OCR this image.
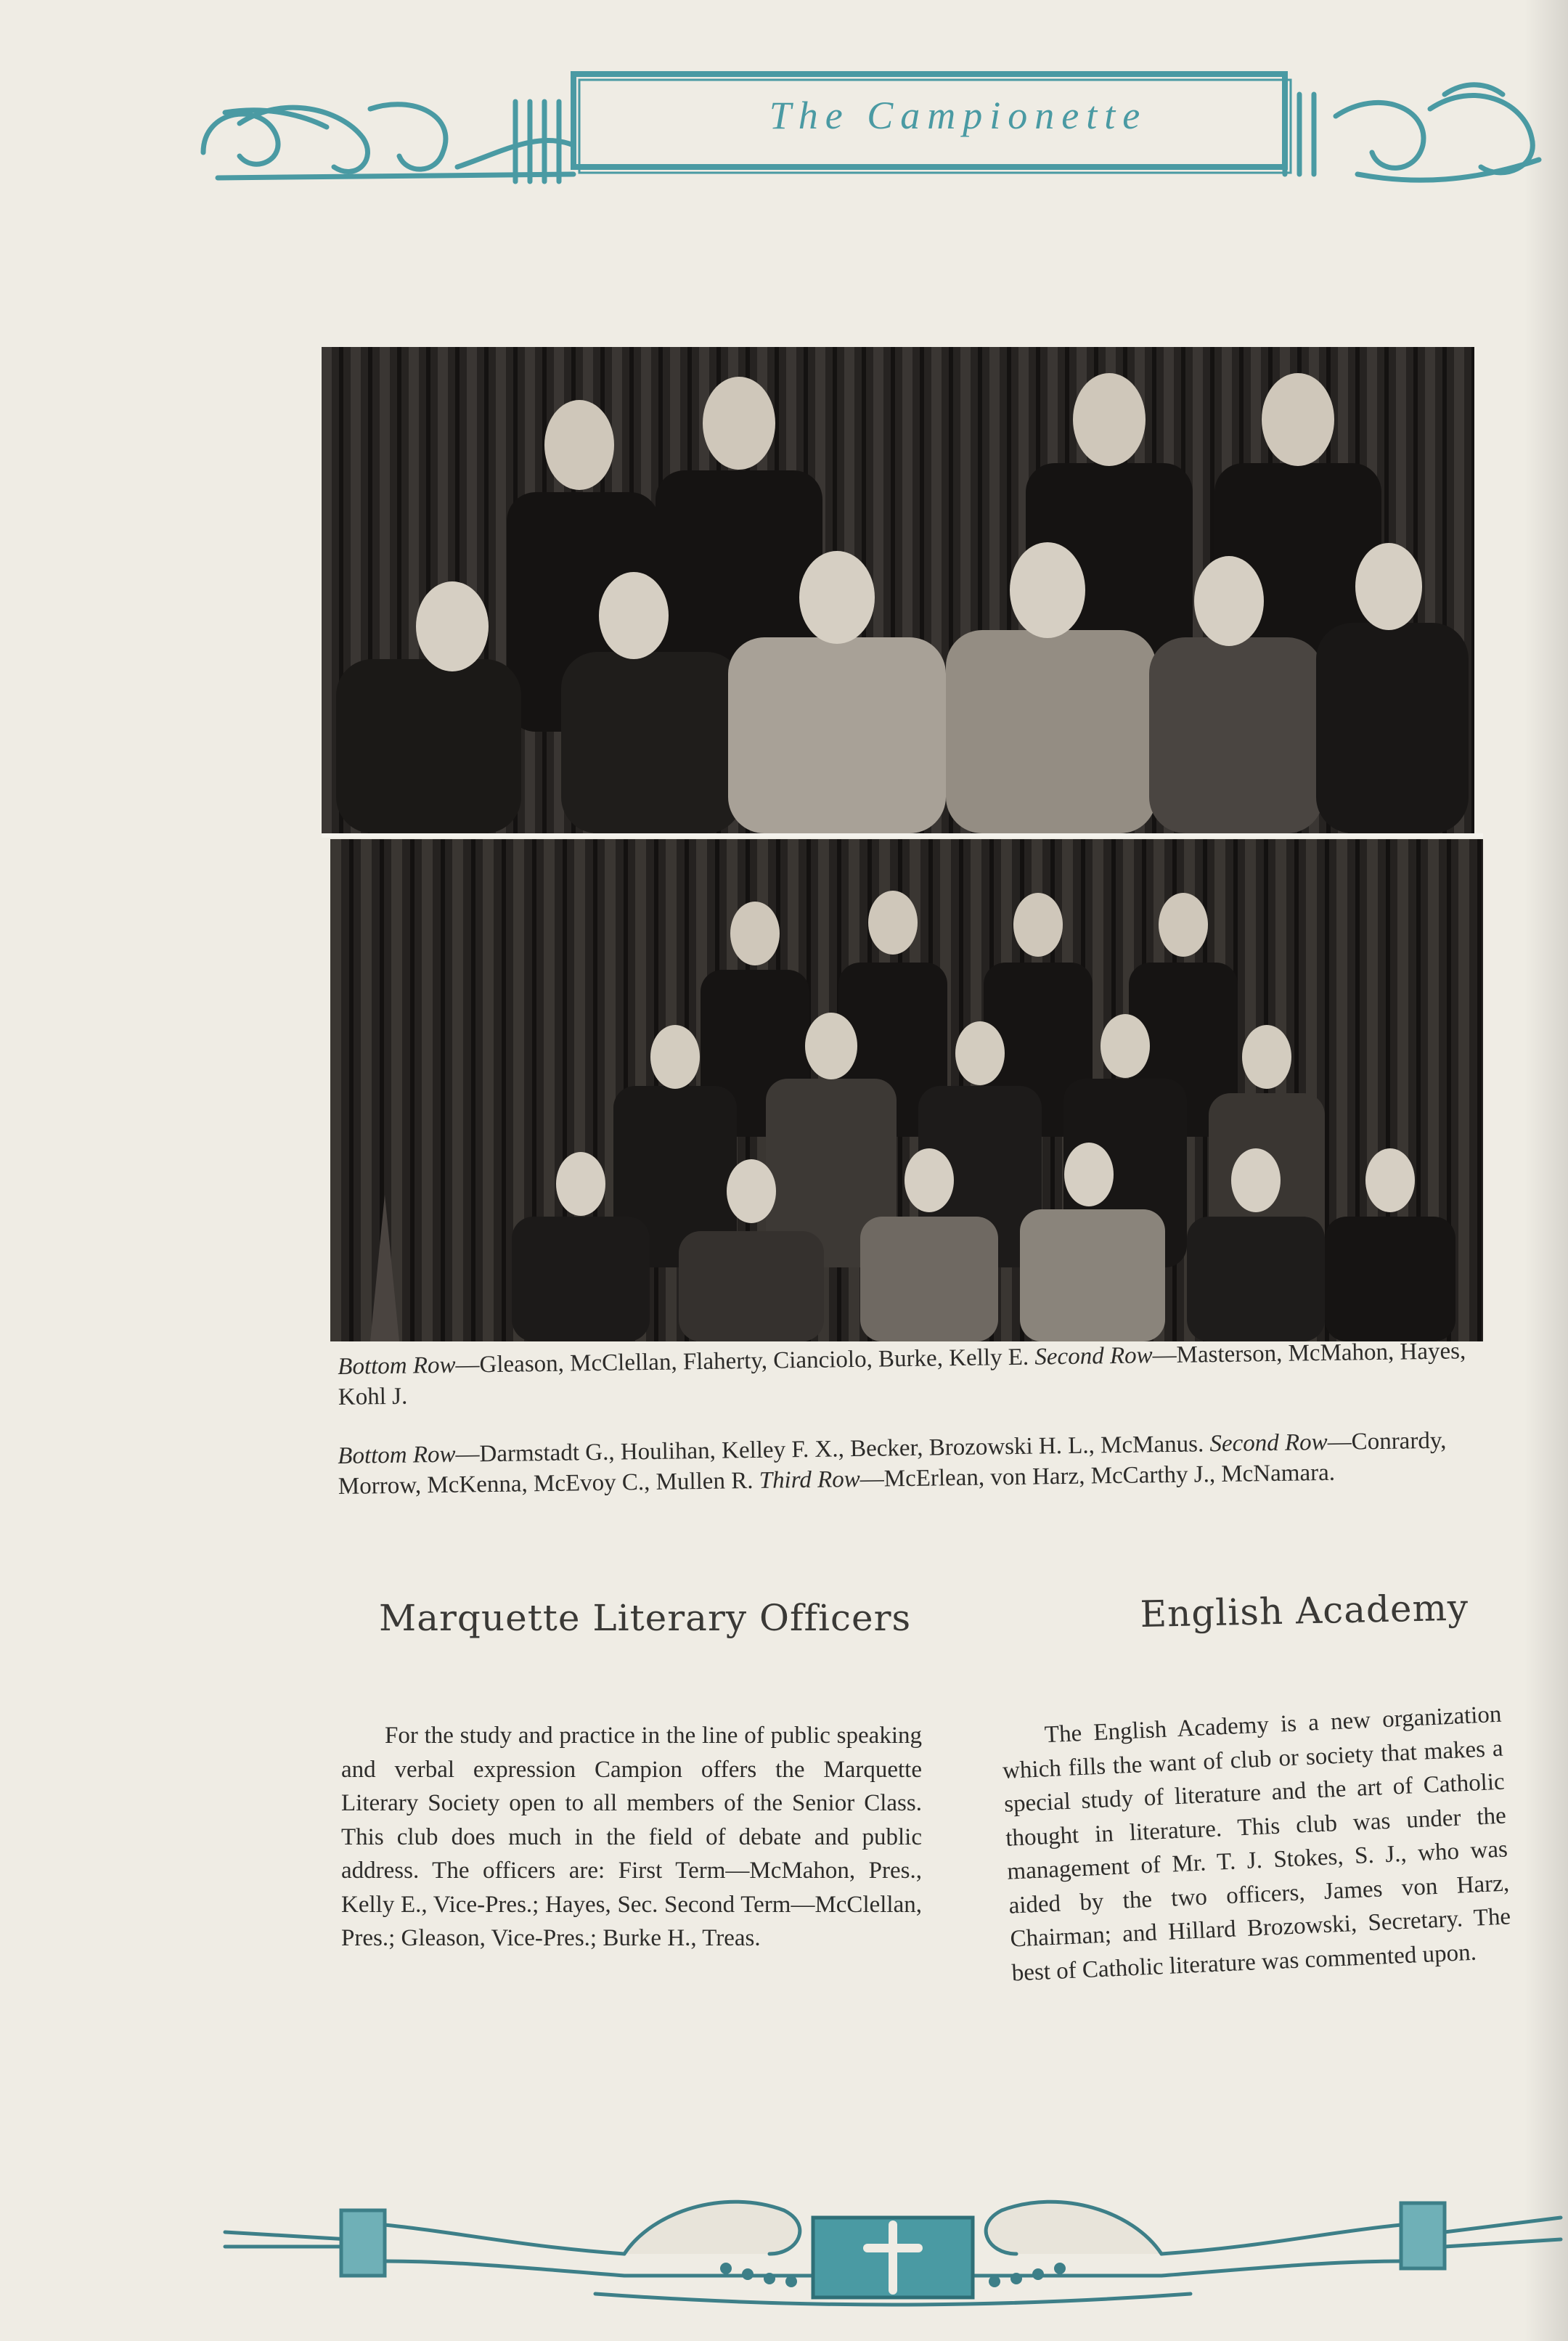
The Campionette
Bottom Row—Gleason, McClellan, Flaherty, Cianciolo, Burke, Kelly E. Second Row—Masterson, McMahon, Hayes, Kohl J.
Bottom Row—Darmstadt G., Houlihan, Kelley F. X., Becker, Brozowski H. L., McManus. Second Row—Conrardy, Morrow, McKenna, McEvoy C., Mullen R. Third Row—McErlean, von Harz, McCarthy J., McNamara.
Marquette Literary Officers	English Academy
For the study and practice in the line of public speaking and verbal expression Campion offers the Marquette Literary Society open to all members of the Senior Class. This club does much in the field of debate and public address. The officers are: First Term—McMahon, Pres., Kelly E., Vice-Pres.; Hayes, Sec. Second Term—McClellan, Pres.; Gleason, Vice-Pres.; Burke H., Treas.
The English Academy is a new organization which fills the want of club or society that makes a special study of literature and the art of Catholic thought in literature. This club was under the management of Mr. T. J. Stokes, S. J., who was aided by the two officers, James von Harz, Chairman; and Hillard Brozowski, Secretary. The best of Catholic literature was commented upon.
